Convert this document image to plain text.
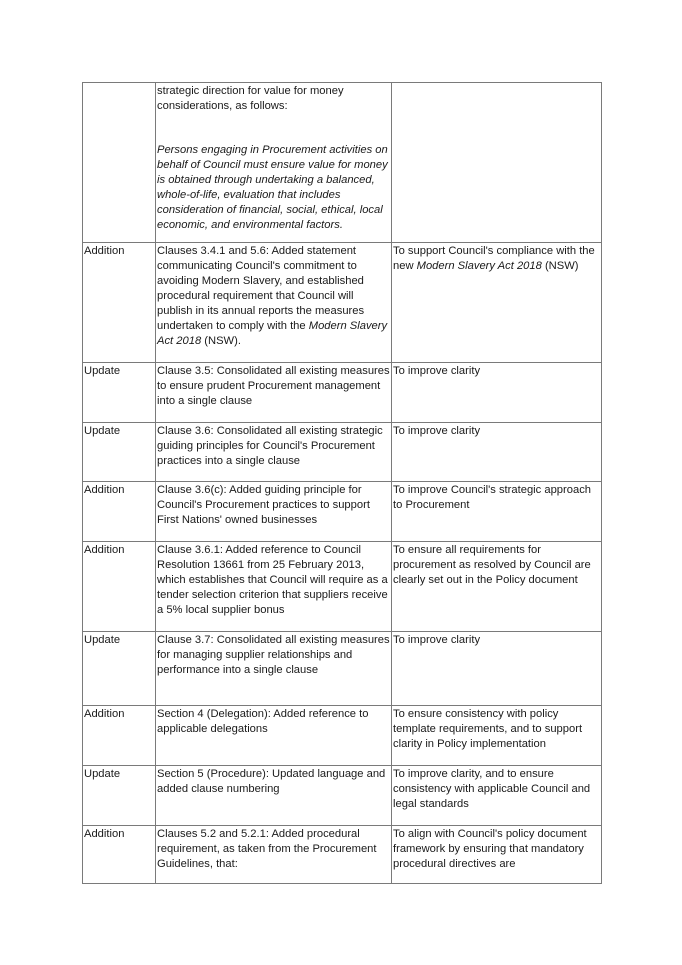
	strategic direction for value for money considerations, as follows:
Persons engaging in Procurement activities on behalf of Council must ensure value for money is obtained through undertaking a balanced, whole-of-life, evaluation that includes consideration of financial, social, ethical, local economic, and environmental factors.	

Addition	Clauses 3.4.1 and 5.6: Added statement communicating Council's commitment to avoiding Modern Slavery, and established procedural requirement that Council will publish in its annual reports the measures undertaken to comply with the Modern Slavery Act 2018 (NSW).	To support Council's compliance with the new Modern Slavery Act 2018 (NSW)
Update	Clause 3.5: Consolidated all existing measures to ensure prudent Procurement management into a single clause	To improve clarity
Update	Clause 3.6: Consolidated all existing strategic guiding principles for Council's Procurement practices into a single clause	To improve clarity
Addition	Clause 3.6(c): Added guiding principle for Council's Procurement practices to support First Nations' owned businesses	To improve Council's strategic approach to Procurement
Addition	Clause 3.6.1: Added reference to Council Resolution 13661 from 25 February 2013, which establishes that Council will require as a tender selection criterion that suppliers receive a 5% local supplier bonus	To ensure all requirements for procurement as resolved by Council are clearly set out in the Policy document
Update	Clause 3.7: Consolidated all existing measures for managing supplier relationships and performance into a single clause	To improve clarity
Addition	Section 4 (Delegation): Added reference to applicable delegations	To ensure consistency with policy template requirements, and to support clarity in Policy implementation
Update	Section 5 (Procedure): Updated language and added clause numbering	To improve clarity, and to ensure consistency with applicable Council and legal standards
Addition	Clauses 5.2 and 5.2.1: Added procedural requirement, as taken from the Procurement Guidelines, that:	To align with Council's policy document framework by ensuring that mandatory procedural directives are
